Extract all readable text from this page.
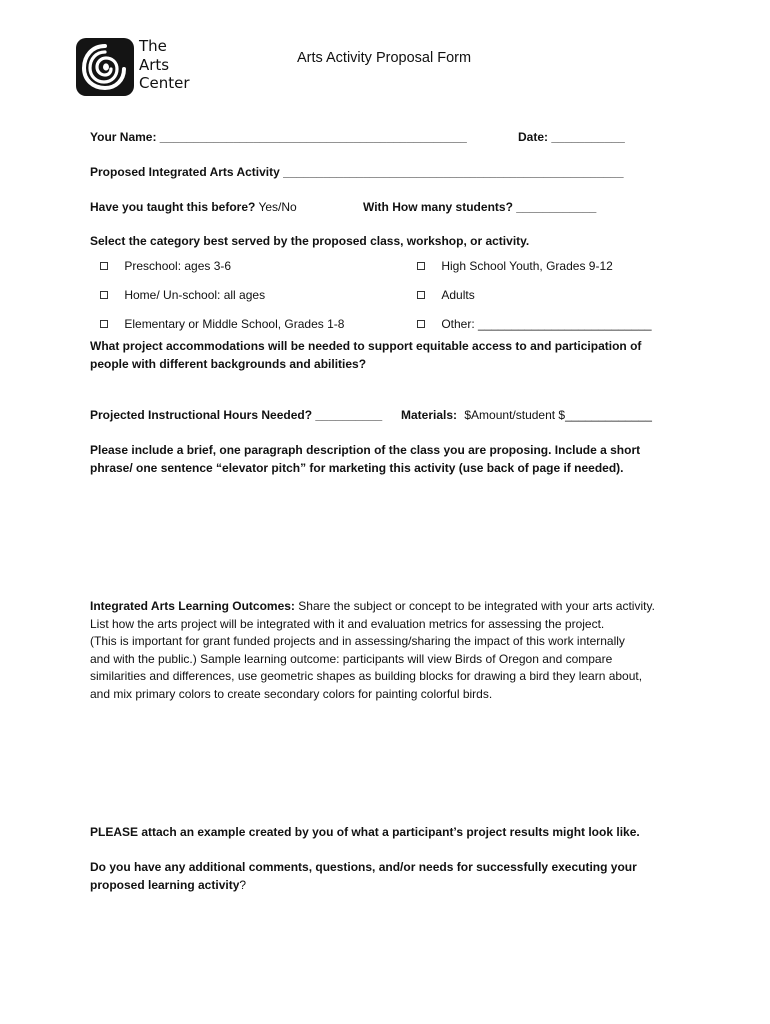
The
Arts
Center
Arts Activity Proposal Form
Your Name: ______________________________________________	Date: ___________
Proposed Integrated Arts Activity ___________________________________________________
Have you taught this before? Yes/No	With How many students? ____________
Select the category best served by the proposed class, workshop, or activity.
Preschool: ages 3-6	High School Youth, Grades 9-12
Home/ Un-school: all ages	Adults
Elementary or Middle School, Grades 1-8	Other: __________________________
What project accommodations will be needed to support equitable access to and participation of people with different backgrounds and abilities?
Projected Instructional Hours Needed? __________ Materials: $Amount/student $_____________
Please include a brief, one paragraph description of the class you are proposing. Include a short phrase/ one sentence “elevator pitch” for marketing this activity (use back of page if needed).
Integrated Arts Learning Outcomes: Share the subject or concept to be integrated with your arts activity.
List how the arts project will be integrated with it and evaluation metrics for assessing the project.
(This is important for grant funded projects and in assessing/sharing the impact of this work internally
and with the public.) Sample learning outcome: participants will view Birds of Oregon and compare
similarities and differences, use geometric shapes as building blocks for drawing a bird they learn about,
and mix primary colors to create secondary colors for painting colorful birds.
PLEASE attach an example created by you of what a participant’s project results might look like.
Do you have any additional comments, questions, and/or needs for successfully executing your
proposed learning activity?
